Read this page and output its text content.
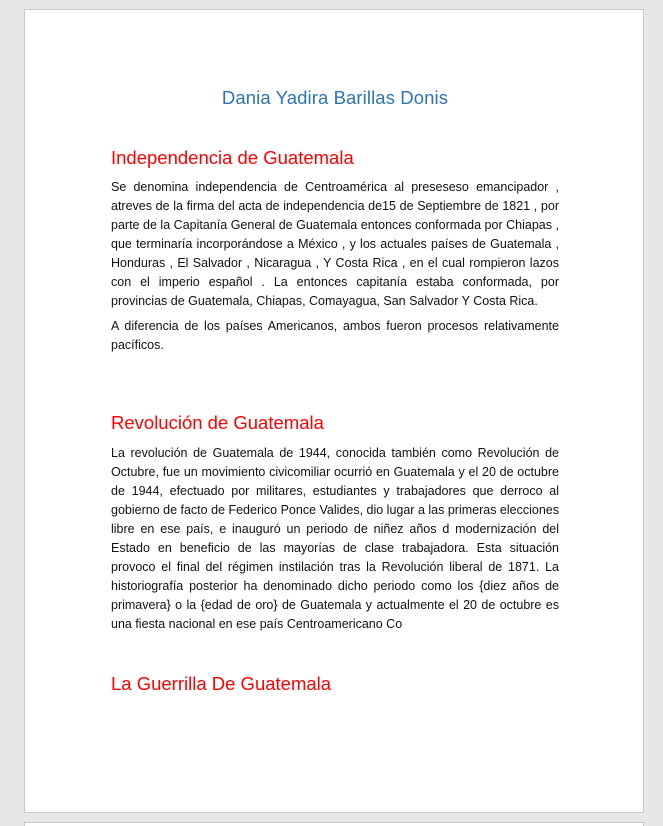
Dania Yadira Barillas Donis
Independencia de Guatemala

Se denomina independencia de Centroamérica al preseseso emancipador , atreves de la firma del acta de independencia de15 de Septiembre de 1821 , por parte de la Capitanía General de Guatemala entonces conformada por Chiapas , que terminaría incorporándose a México , y los actuales países de Guatemala , Honduras , El Salvador , Nicaragua , Y Costa Rica , en el cual rompieron lazos con el imperio español . La entonces capitanía estaba conformada, por provincias de Guatemala, Chiapas, Comayagua, San Salvador Y Costa Rica.

A diferencia de los países Americanos, ambos fueron procesos relativamente pacíficos.

Revolución de Guatemala

La revolución de Guatemala de 1944, conocida también como Revolución de Octubre, fue un movimiento civicomiliar ocurrió en Guatemala y el 20 de octubre de 1944, efectuado por militares, estudiantes y trabajadores que derroco al gobierno de facto de Federico Ponce Valides, dio lugar a las primeras elecciones libre en ese país, e inauguró un periodo de niñez años d modernización del Estado en beneficio de las mayorías de clase trabajadora. Esta situación provoco el final del régimen instilación tras la Revolución liberal de 1871. La historiografía posterior ha denominado dicho periodo como los {diez años de primavera} o la {edad de oro} de Guatemala y actualmente el 20 de octubre es una fiesta nacional en ese país Centroamericano Co

La Guerrilla De Guatemala
